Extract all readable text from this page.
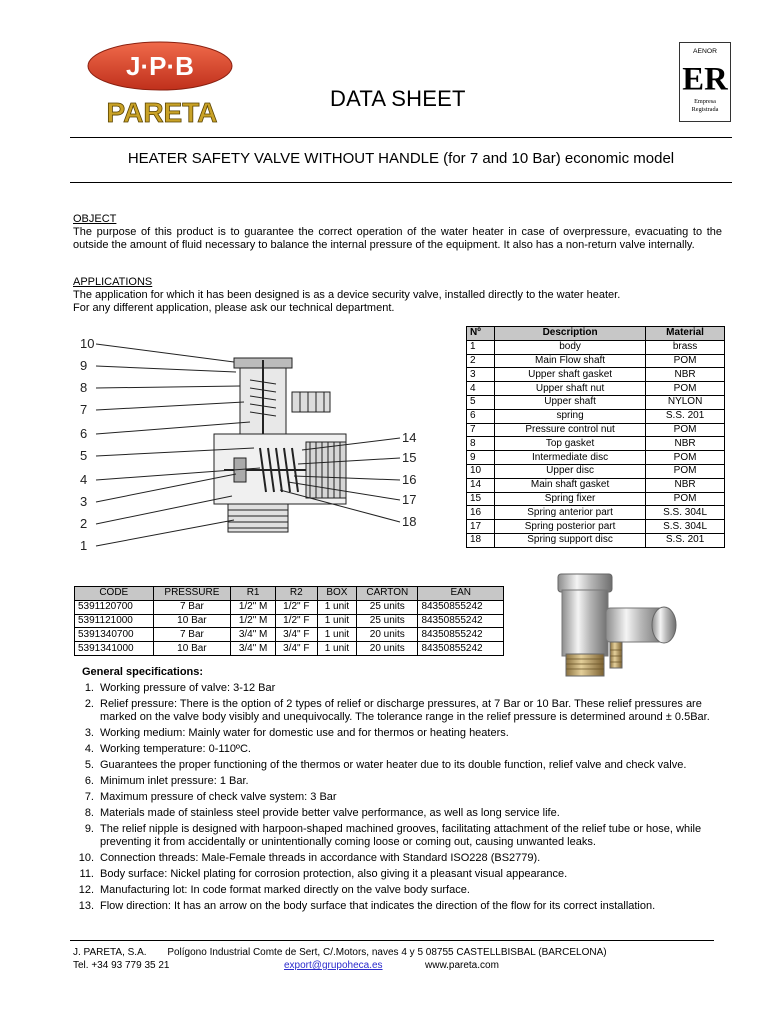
J·P·B
PARETA	DATA SHEET
AENOR
ER
Empresa
Registrada
HEATER SAFETY VALVE WITHOUT HANDLE (for 7 and 10 Bar) economic model
OBJECT

The purpose of this product is to guarantee the correct operation of the water heater in case of overpressure, evacuating to the outside the amount of fluid necessary to balance the internal pressure of the equipment. It also has a non-return valve internally.

APPLICATIONS

The application for which it has been designed is as a device security valve, installed directly to the water heater.

For any different application, please ask our technical department.

10
9
8
7
6
5
4
3
2
1
14
15
16
17
18
Nº	Description	Material
1	body	brass
2	Main Flow shaft	POM
3	Upper shaft gasket	NBR
4	Upper shaft nut	POM
5	Upper shaft	NYLON
6	spring	S.S. 201
7	Pressure control nut	POM
8	Top gasket	NBR
9	Intermediate disc	POM
10	Upper disc	POM
14	Main shaft gasket	NBR
15	Spring fixer	POM
16	Spring anterior part	S.S. 304L
17	Spring posterior part	S.S. 304L
18	Spring support disc	S.S. 201
CODE	PRESSURE	R1	R2	BOX	CARTON	EAN
5391120700	7 Bar	1/2" M	1/2" F	1 unit	25 units	84350855242
5391121000	10 Bar	1/2" M	1/2" F	1 unit	25 units	84350855242
5391340700	7 Bar	3/4" M	3/4" F	1 unit	20 units	84350855242
5391341000	10 Bar	3/4" M	3/4" F	1 unit	20 units	84350855242
General specifications:
1. Working pressure of valve: 3-12 Bar
2. Relief pressure: There is the option of 2 types of relief or discharge pressures, at 7 Bar or 10 Bar. These relief pressures are marked on the valve body visibly and unequivocally. The tolerance range in the relief pressure is determined around ± 0.5Bar.
3. Working medium: Mainly water for domestic use and for thermos or heating heaters.
4. Working temperature: 0-110ºC.
5. Guarantees the proper functioning of the thermos or water heater due to its double function, relief valve and check valve.
6. Minimum inlet pressure: 1 Bar.
7. Maximum pressure of check valve system: 3 Bar
8. Materials made of stainless steel provide better valve performance, as well as long service life.
9. The relief nipple is designed with harpoon-shaped machined grooves, facilitating attachment of the relief tube or hose, while preventing it from accidentally or unintentionally coming loose or coming out, causing unwanted leaks.
10. Connection threads: Male-Female threads in accordance with Standard ISO228 (BS2779).
11. Body surface: Nickel plating for corrosion protection, also giving it a pleasant visual appearance.
12. Manufacturing lot: In code format marked directly on the valve body surface.
13. Flow direction: It has an arrow on the body surface that indicates the direction of the flow for its correct installation.
J. PARETA, S.A. Polígono Industrial Comte de Sert, C/.Motors, naves 4 y 5 08755 CASTELLBISBAL (BARCELONA)
Tel. +34 93 779 35 21	export@grupoheca.es	www.pareta.com
